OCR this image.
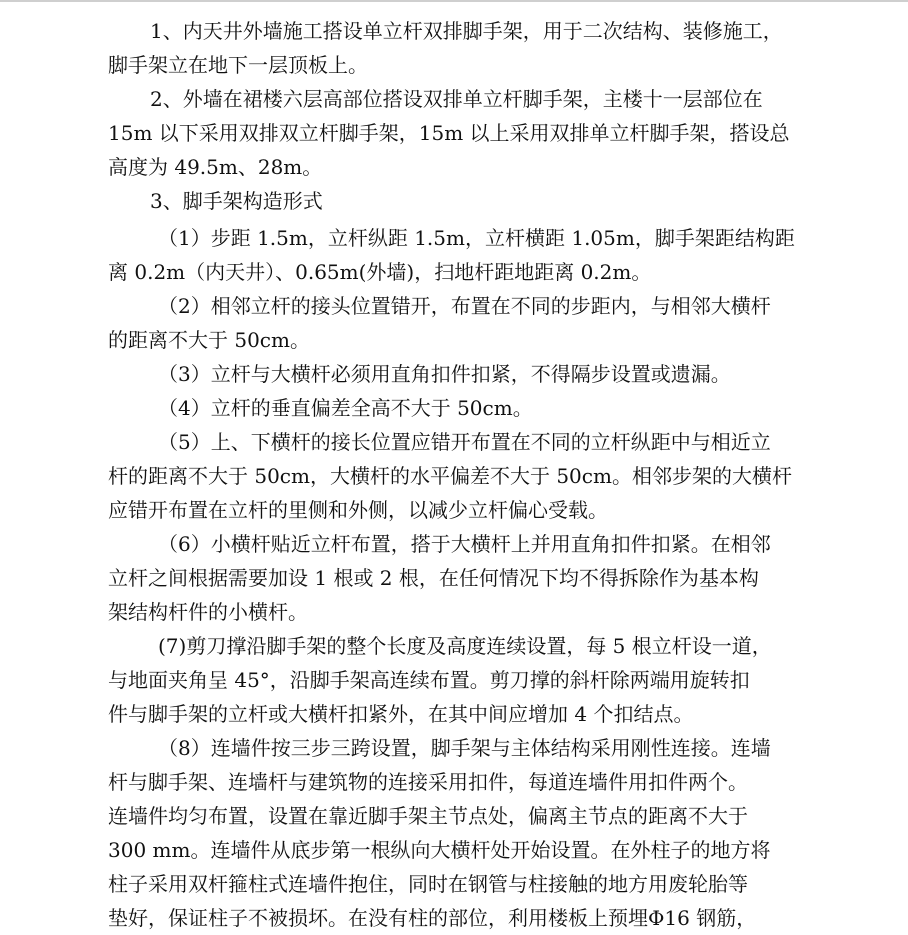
1、内天井外墙施工搭设单立杆双排脚手架，用于二次结构、装修施工，
脚手架立在地下一层顶板上。
2、外墙在裙楼六层高部位搭设双排单立杆脚手架，主楼十一层部位在
15m 以下采用双排双立杆脚手架，15m 以上采用双排单立杆脚手架，搭设总
高度为 49.5m、28m。
3、脚手架构造形式
（1）步距 1.5m，立杆纵距 1.5m，立杆横距 1.05m，脚手架距结构距
离 0.2m（内天井）、0.65m(外墙)，扫地杆距地距离 0.2m。
（2）相邻立杆的接头位置错开，布置在不同的步距内，与相邻大横杆
的距离不大于 50cm。
（3）立杆与大横杆必须用直角扣件扣紧，不得隔步设置或遗漏。
（4）立杆的垂直偏差全高不大于 50cm。
（5）上、下横杆的接长位置应错开布置在不同的立杆纵距中与相近立
杆的距离不大于 50cm，大横杆的水平偏差不大于 50cm。相邻步架的大横杆
应错开布置在立杆的里侧和外侧，以减少立杆偏心受载。
（6）小横杆贴近立杆布置，搭于大横杆上并用直角扣件扣紧。在相邻
立杆之间根据需要加设 1 根或 2 根，在任何情况下均不得拆除作为基本构
架结构杆件的小横杆。
(7)剪刀撑沿脚手架的整个长度及高度连续设置，每 5 根立杆设一道，
与地面夹角呈 45°，沿脚手架高连续布置。剪刀撑的斜杆除两端用旋转扣
件与脚手架的立杆或大横杆扣紧外，在其中间应增加 4 个扣结点。
（8）连墙件按三步三跨设置，脚手架与主体结构采用刚性连接。连墙
杆与脚手架、连墙杆与建筑物的连接采用扣件，每道连墙件用扣件两个。
连墙件均匀布置，设置在靠近脚手架主节点处，偏离主节点的距离不大于
300 mm。连墙件从底步第一根纵向大横杆处开始设置。在外柱子的地方将
柱子采用双杆箍柱式连墙件抱住，同时在钢管与柱接触的地方用废轮胎等
垫好，保证柱子不被损坏。在没有柱的部位，利用楼板上预埋Φ16 钢筋，
